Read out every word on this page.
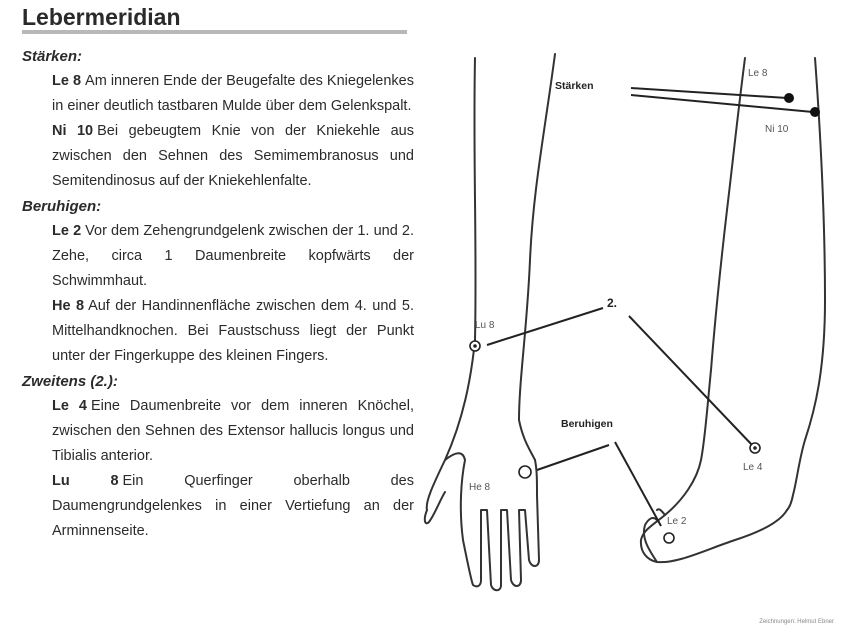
Lebermeridian

Stärken:

Le 8 Am inneren Ende der Beugefalte des Kniegelenkes in einer deutlich tastbaren Mulde über dem Gelenkspalt.

Ni 10 Bei gebeugtem Knie von der Kniekehle aus zwischen den Sehnen des Semimembranosus und Semitendinosus auf der Kniekehlenfalte.

Beruhigen:

Le 2 Vor dem Zehengrundgelenk zwischen der 1. und 2. Zehe, circa 1 Daumenbreite kopfwärts der Schwimmhaut.

He 8 Auf der Handinnenfläche zwischen dem 4. und 5. Mittelhandknochen. Bei Faustschuss liegt der Punkt unter der Fingerkuppe des kleinen Fingers.

Zweitens (2.):

Le 4 Eine Daumenbreite vor dem inneren Knöchel, zwischen den Sehnen des Extensor hallucis longus und Tibialis anterior.

Lu 8 Ein Querfinger oberhalb des Daumengrundgelenkes in einer Vertiefung an der Arminnenseite.

Stärken
Le 8
Ni 10
2.
Lu 8
Beruhigen
Le 4
He 8
Le 2
Zeichnungen: Helmut Ebner
